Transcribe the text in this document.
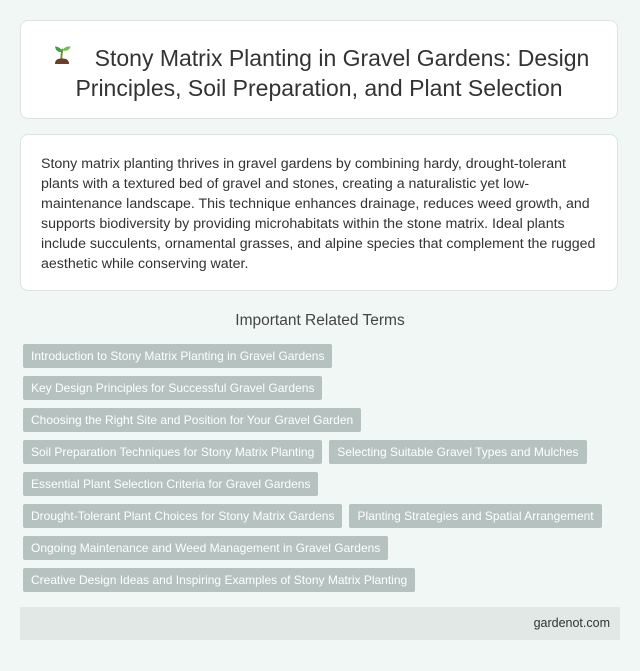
Stony Matrix Planting in Gravel Gardens: Design Principles, Soil Preparation, and Plant Selection

Stony matrix planting thrives in gravel gardens by combining hardy, drought-tolerant plants with a textured bed of gravel and stones, creating a naturalistic yet low-maintenance landscape. This technique enhances drainage, reduces weed growth, and supports biodiversity by providing microhabitats within the stone matrix. Ideal plants include succulents, ornamental grasses, and alpine species that complement the rugged aesthetic while conserving water.

Important Related Terms
Introduction to Stony Matrix Planting in Gravel Gardens
Key Design Principles for Successful Gravel Gardens
Choosing the Right Site and Position for Your Gravel Garden
Soil Preparation Techniques for Stony Matrix Planting	Selecting Suitable Gravel Types and Mulches
Essential Plant Selection Criteria for Gravel Gardens
Drought-Tolerant Plant Choices for Stony Matrix Gardens	Planting Strategies and Spatial Arrangement
Ongoing Maintenance and Weed Management in Gravel Gardens
Creative Design Ideas and Inspiring Examples of Stony Matrix Planting
gardenot.com
